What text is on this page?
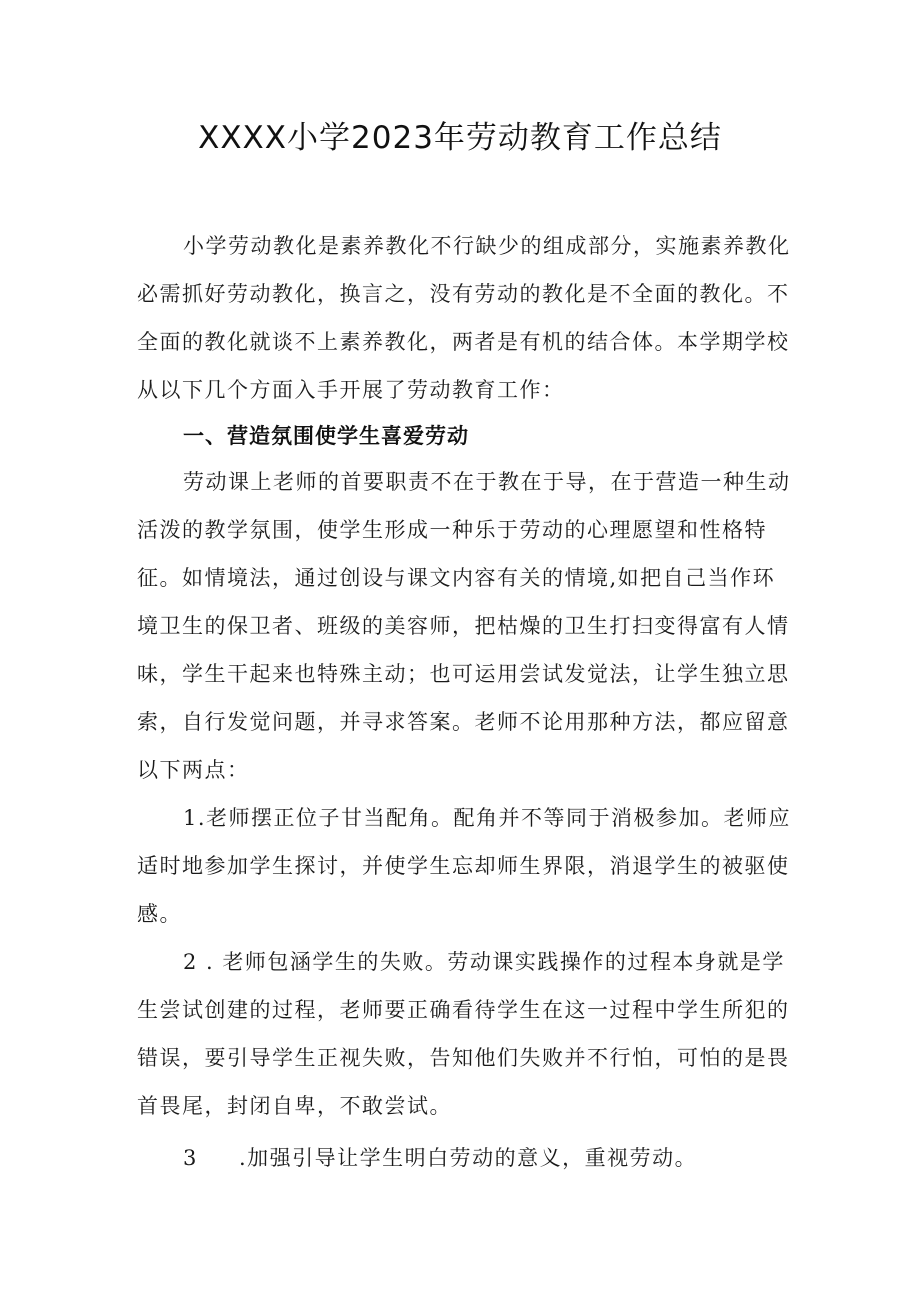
XXXX小学2023年劳动教育工作总结

小学劳动教化是素养教化不行缺少的组成部分，实施素养教化必需抓好劳动教化，换言之，没有劳动的教化是不全面的教化。不全面的教化就谈不上素养教化，两者是有机的结合体。本学期学校从以下几个方面入手开展了劳动教育工作：

一、营造氛围使学生喜爱劳动

劳动课上老师的首要职责不在于教在于导，在于营造一种生动活泼的教学氛围，使学生形成一种乐于劳动的心理愿望和性格特征。如情境法，通过创设与课文内容有关的情境,如把自己当作环境卫生的保卫者、班级的美容师，把枯燥的卫生打扫变得富有人情味，学生干起来也特殊主动；也可运用尝试发觉法，让学生独立思索，自行发觉问题，并寻求答案。老师不论用那种方法，都应留意以下两点：

1.老师摆正位子甘当配角。配角并不等同于消极参加。老师应适时地参加学生探讨，并使学生忘却师生界限，消退学生的被驱使感。

2 . 老师包涵学生的失败。劳动课实践操作的过程本身就是学生尝试创建的过程，老师要正确看待学生在这一过程中学生所犯的错误，要引导学生正视失败，告知他们失败并不行怕，可怕的是畏首畏尾，封闭自卑，不敢尝试。

3 .加强引导让学生明白劳动的意义，重视劳动。
